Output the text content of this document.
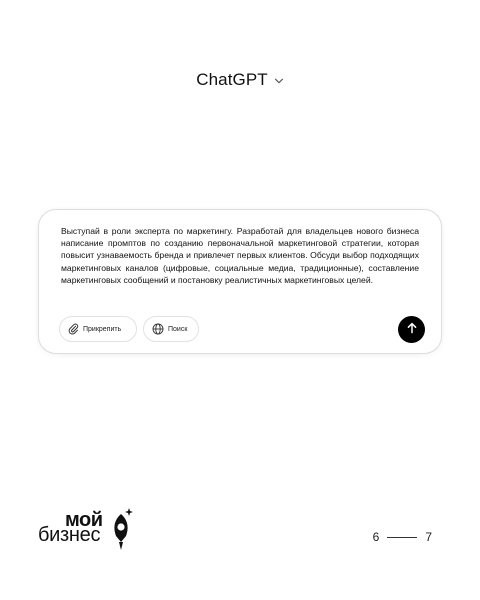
ChatGPT

Выступай в роли эксперта по маркетингу. Разработай для владельцев нового бизнеса написание промптов по созданию первоначальной маркетинговой стратегии, которая повысит узнаваемость бренда и привлечет первых клиентов. Обсуди выбор подходящих маркетинговых каналов (цифровые, социальные медиа, традиционные), составление маркетинговых сообщений и постановку реалистичных маркетинговых целей.

Прикрепить	Поиск
мой
бизнес	6	7
